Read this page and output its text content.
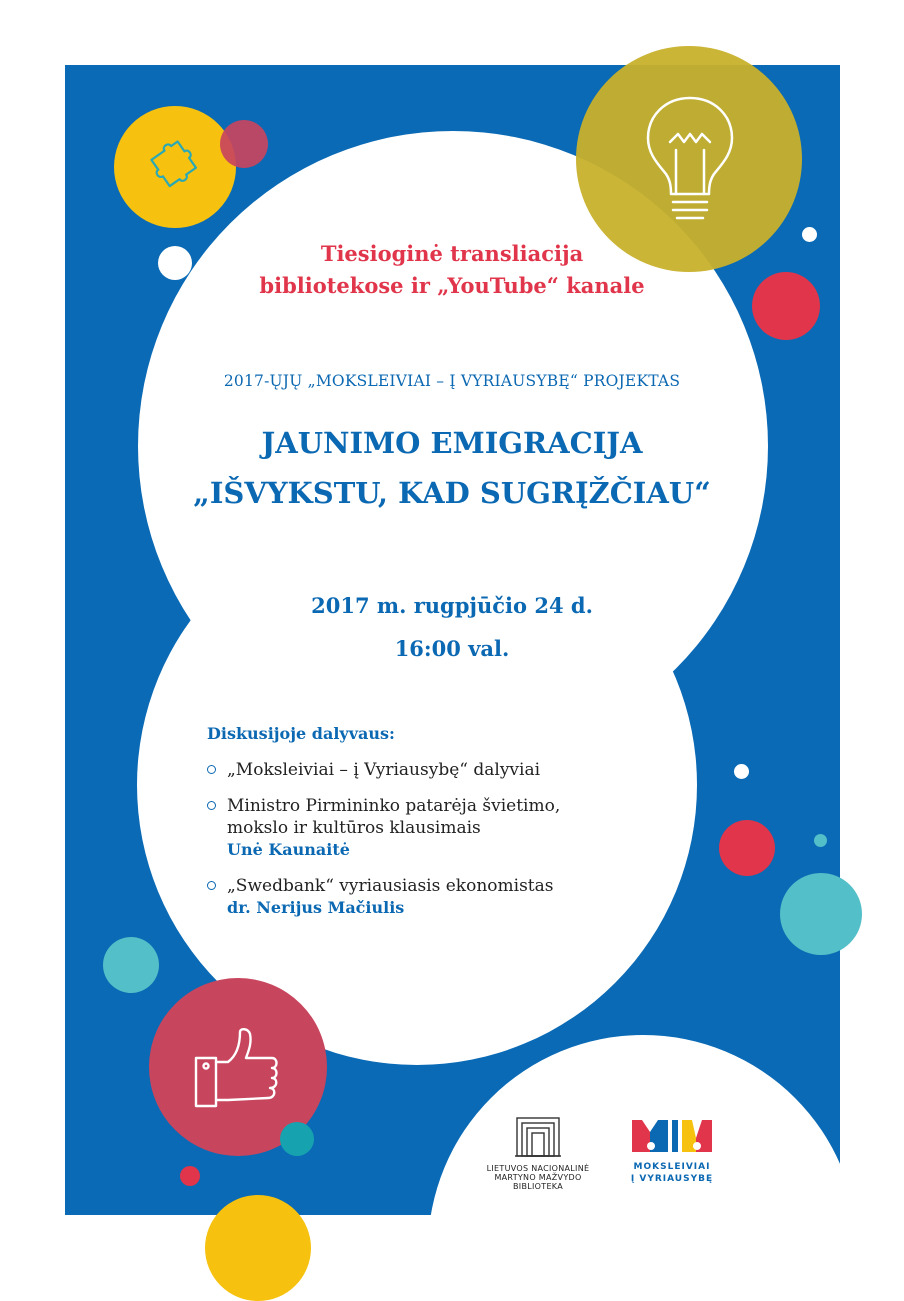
Tiesioginė transliacija
bibliotekose ir „YouTube“ kanale
2017-ŲJŲ „MOKSLEIVIAI – Į VYRIAUSYBĘ“ PROJEKTAS
JAUNIMO EMIGRACIJA
„IŠVYKSTU, KAD SUGRĮŽČIAU“
2017 m. rugpjūčio 24 d.
16:00 val.
Diskusijoje dalyvaus:
„Moksleiviai – į Vyriausybę“ dalyviai
Ministro Pirmininko patarėja švietimo,
mokslo ir kultūros klausimais
Unė Kaunaitė
„Swedbank“ vyriausiasis ekonomistas
dr. Nerijus Mačiulis
LIETUVOS NACIONALINĖ
MARTYNO MAŽVYDO
BIBLIOTEKA
MOKSLEIVIAI
Į VYRIAUSYBĘ
